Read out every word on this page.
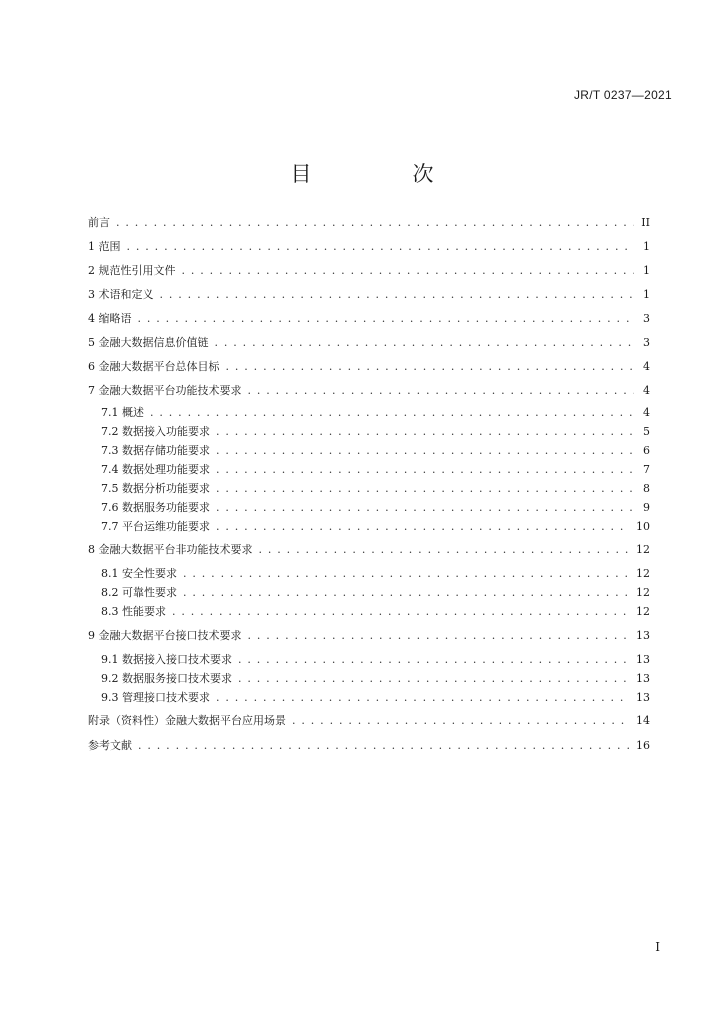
JR/T 0237—2021
目　次
前言 . . .	II
1 范围 . . .	1
2 规范性引用文件 . . .	1
3 术语和定义 . . .	1
4 缩略语 . . .	3
5 金融大数据信息价值链 . . .	3
6 金融大数据平台总体目标 . . .	4
7 金融大数据平台功能技术要求 . . .	4
7.1 概述 . . .	4
7.2 数据接入功能要求 . . .	5
7.3 数据存储功能要求 . . .	6
7.4 数据处理功能要求 . . .	7
7.5 数据分析功能要求 . . .	8
7.6 数据服务功能要求 . . .	9
7.7 平台运维功能要求 . . .	10
8 金融大数据平台非功能技术要求 . . .	12
8.1 安全性要求 . . .	12
8.2 可靠性要求 . . .	12
8.3 性能要求 . . .	12
9 金融大数据平台接口技术要求 . . .	13
9.1 数据接入接口技术要求 . . .	13
9.2 数据服务接口技术要求 . . .	13
9.3 管理接口技术要求 . . .	13
附录（资料性）金融大数据平台应用场景 . . .	14
参考文献 . . .	16
I
